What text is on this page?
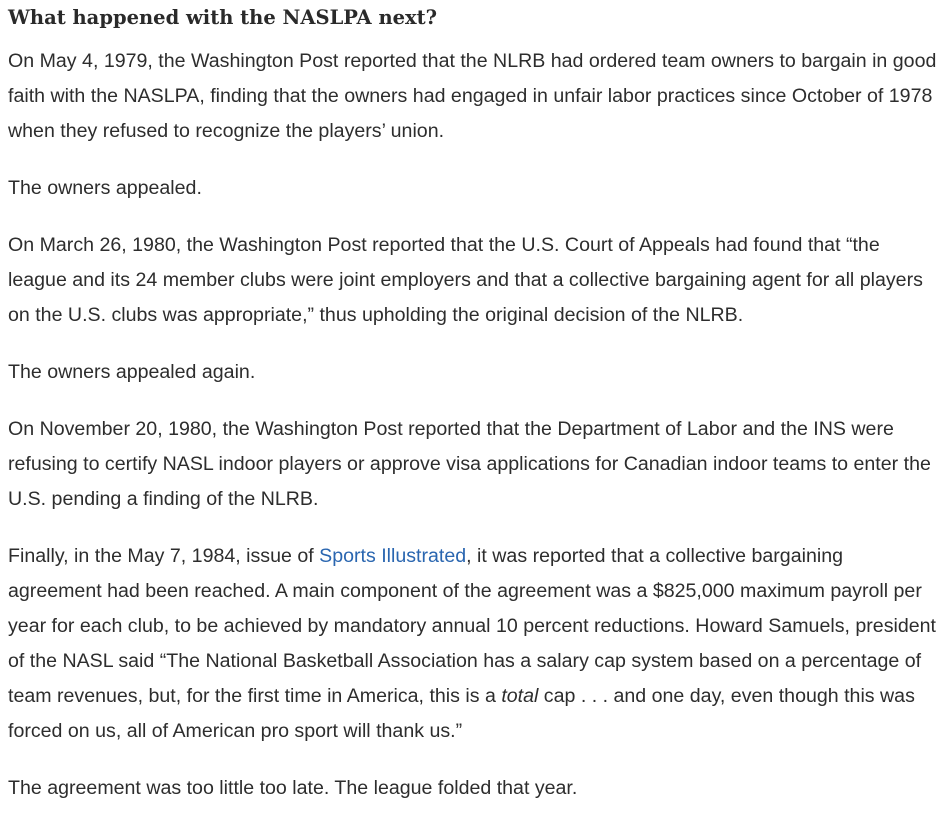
What happened with the NASLPA next?

On May 4, 1979, the Washington Post reported that the NLRB had ordered team owners to bargain in good faith with the NASLPA, finding that the owners had engaged in unfair labor practices since October of 1978 when they refused to recognize the players’ union.

The owners appealed.

On March 26, 1980, the Washington Post reported that the U.S. Court of Appeals had found that “the league and its 24 member clubs were joint employers and that a collective bargaining agent for all players on the U.S. clubs was appropriate,” thus upholding the original decision of the NLRB.

The owners appealed again.

On November 20, 1980, the Washington Post reported that the Department of Labor and the INS were refusing to certify NASL indoor players or approve visa applications for Canadian indoor teams to enter the U.S. pending a finding of the NLRB.

Finally, in the May 7, 1984, issue of Sports Illustrated, it was reported that a collective bargaining agreement had been reached. A main component of the agreement was a $825,000 maximum payroll per year for each club, to be achieved by mandatory annual 10 percent reductions. Howard Samuels, president of the NASL said “The National Basketball Association has a salary cap system based on a percentage of team revenues, but, for the first time in America, this is a total cap . . . and one day, even though this was forced on us, all of American pro sport will thank us.”

The agreement was too little too late. The league folded that year.
